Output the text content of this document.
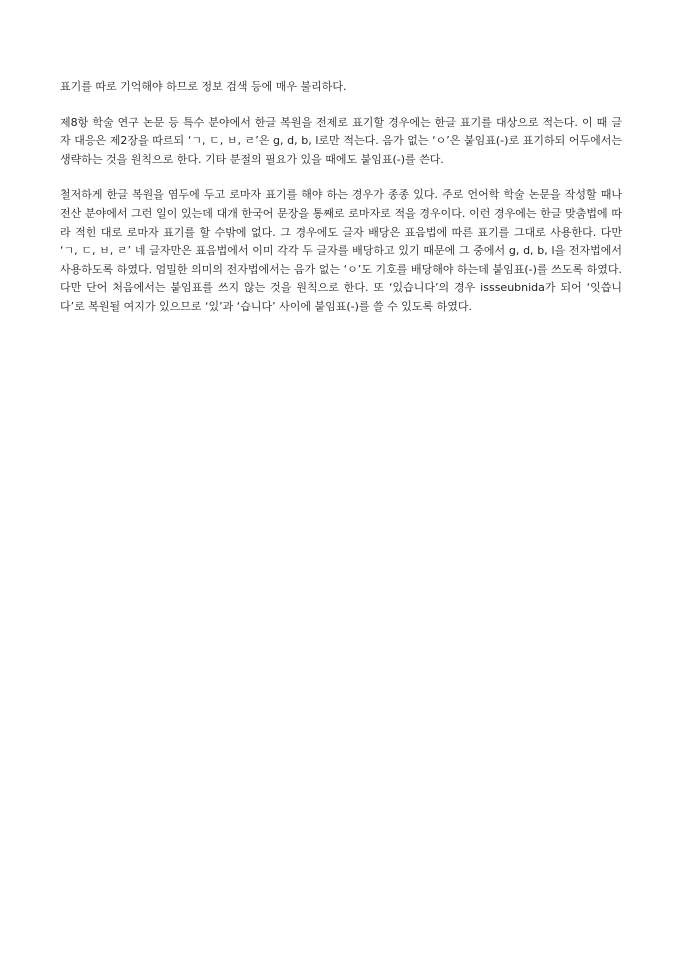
표기를 따로 기억해야 하므로 정보 검색 등에 매우 불리하다.

제8항 학술 연구 논문 등 특수 분야에서 한글 복원을 전제로 표기할 경우에는 한글 표기를 대상으로 적는다. 이 때 글자 대응은 제2장을 따르되 ‘ㄱ, ㄷ, ㅂ, ㄹ’은 g, d, b, l로만 적는다. 음가 없는 ‘ㅇ’은 붙임표(-)로 표기하되 어두에서는 생략하는 것을 원칙으로 한다. 기타 분절의 필요가 있을 때에도 붙임표(-)를 쓴다.

철저하게 한글 복원을 염두에 두고 로마자 표기를 해야 하는 경우가 종종 있다. 주로 언어학 학술 논문을 작성할 때나 전산 분야에서 그런 일이 있는데 대개 한국어 문장을 통째로 로마자로 적을 경우이다. 이런 경우에는 한글 맞춤법에 따라 적힌 대로 로마자 표기를 할 수밖에 없다. 그 경우에도 글자 배당은 표음법에 따른 표기를 그대로 사용한다. 다만 ‘ㄱ, ㄷ, ㅂ, ㄹ’ 네 글자만은 표음법에서 이미 각각 두 글자를 배당하고 있기 때문에 그 중에서 g, d, b, l을 전자법에서 사용하도록 하였다. 엄밀한 의미의 전자법에서는 음가 없는 ‘ㅇ’도 기호를 배당해야 하는데 붙임표(-)를 쓰도록 하였다. 다만 단어 처음에서는 붙임표를 쓰지 않는 것을 원칙으로 한다. 또 ‘있습니다’의 경우 issseubnida가 되어 ‘잇씁니다’로 복원될 여지가 있으므로 ‘있’과 ‘습니다’ 사이에 붙임표(-)를 쓸 수 있도록 하였다.
